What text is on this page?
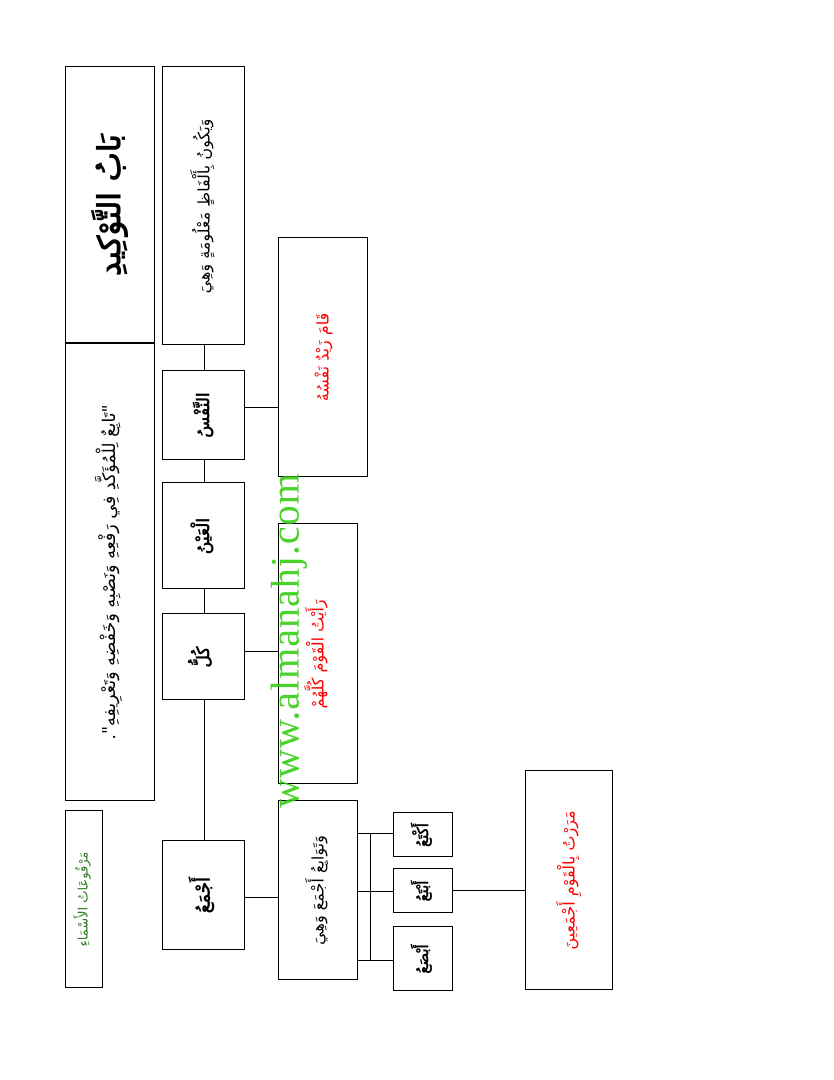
بَابُ التَّوْكِيدِ
"تَابِعٌ لِلْمُؤَكَّدِ فِي رَفْعِهِ وَنَصْبِهِ وَخَفْضِهِ وَتَعْرِيفِهِ".
مَرْفُوعَاتُ الأَسْمَاءِ
وَيَكُونُ بِأَلْفَاظٍ مَعْلُومَةٍ وَهِيَ
النَّفْسُ
الْعَيْنُ
كُلُّ
أَجْمَعُ
قَامَ زَيْدٌ نَفْسُهُ
رَأَيْتُ الْقَوْمَ كُلَّهُمْ
وَتَوَابِعُ أَجْمَعَ وَهِيَ
أَكْتَعُ
أَبْتَعُ
أَبْصَعُ
مَرَرْتُ بِالْقَوْمِ أَجْمَعِينَ
www.almanahj.com
